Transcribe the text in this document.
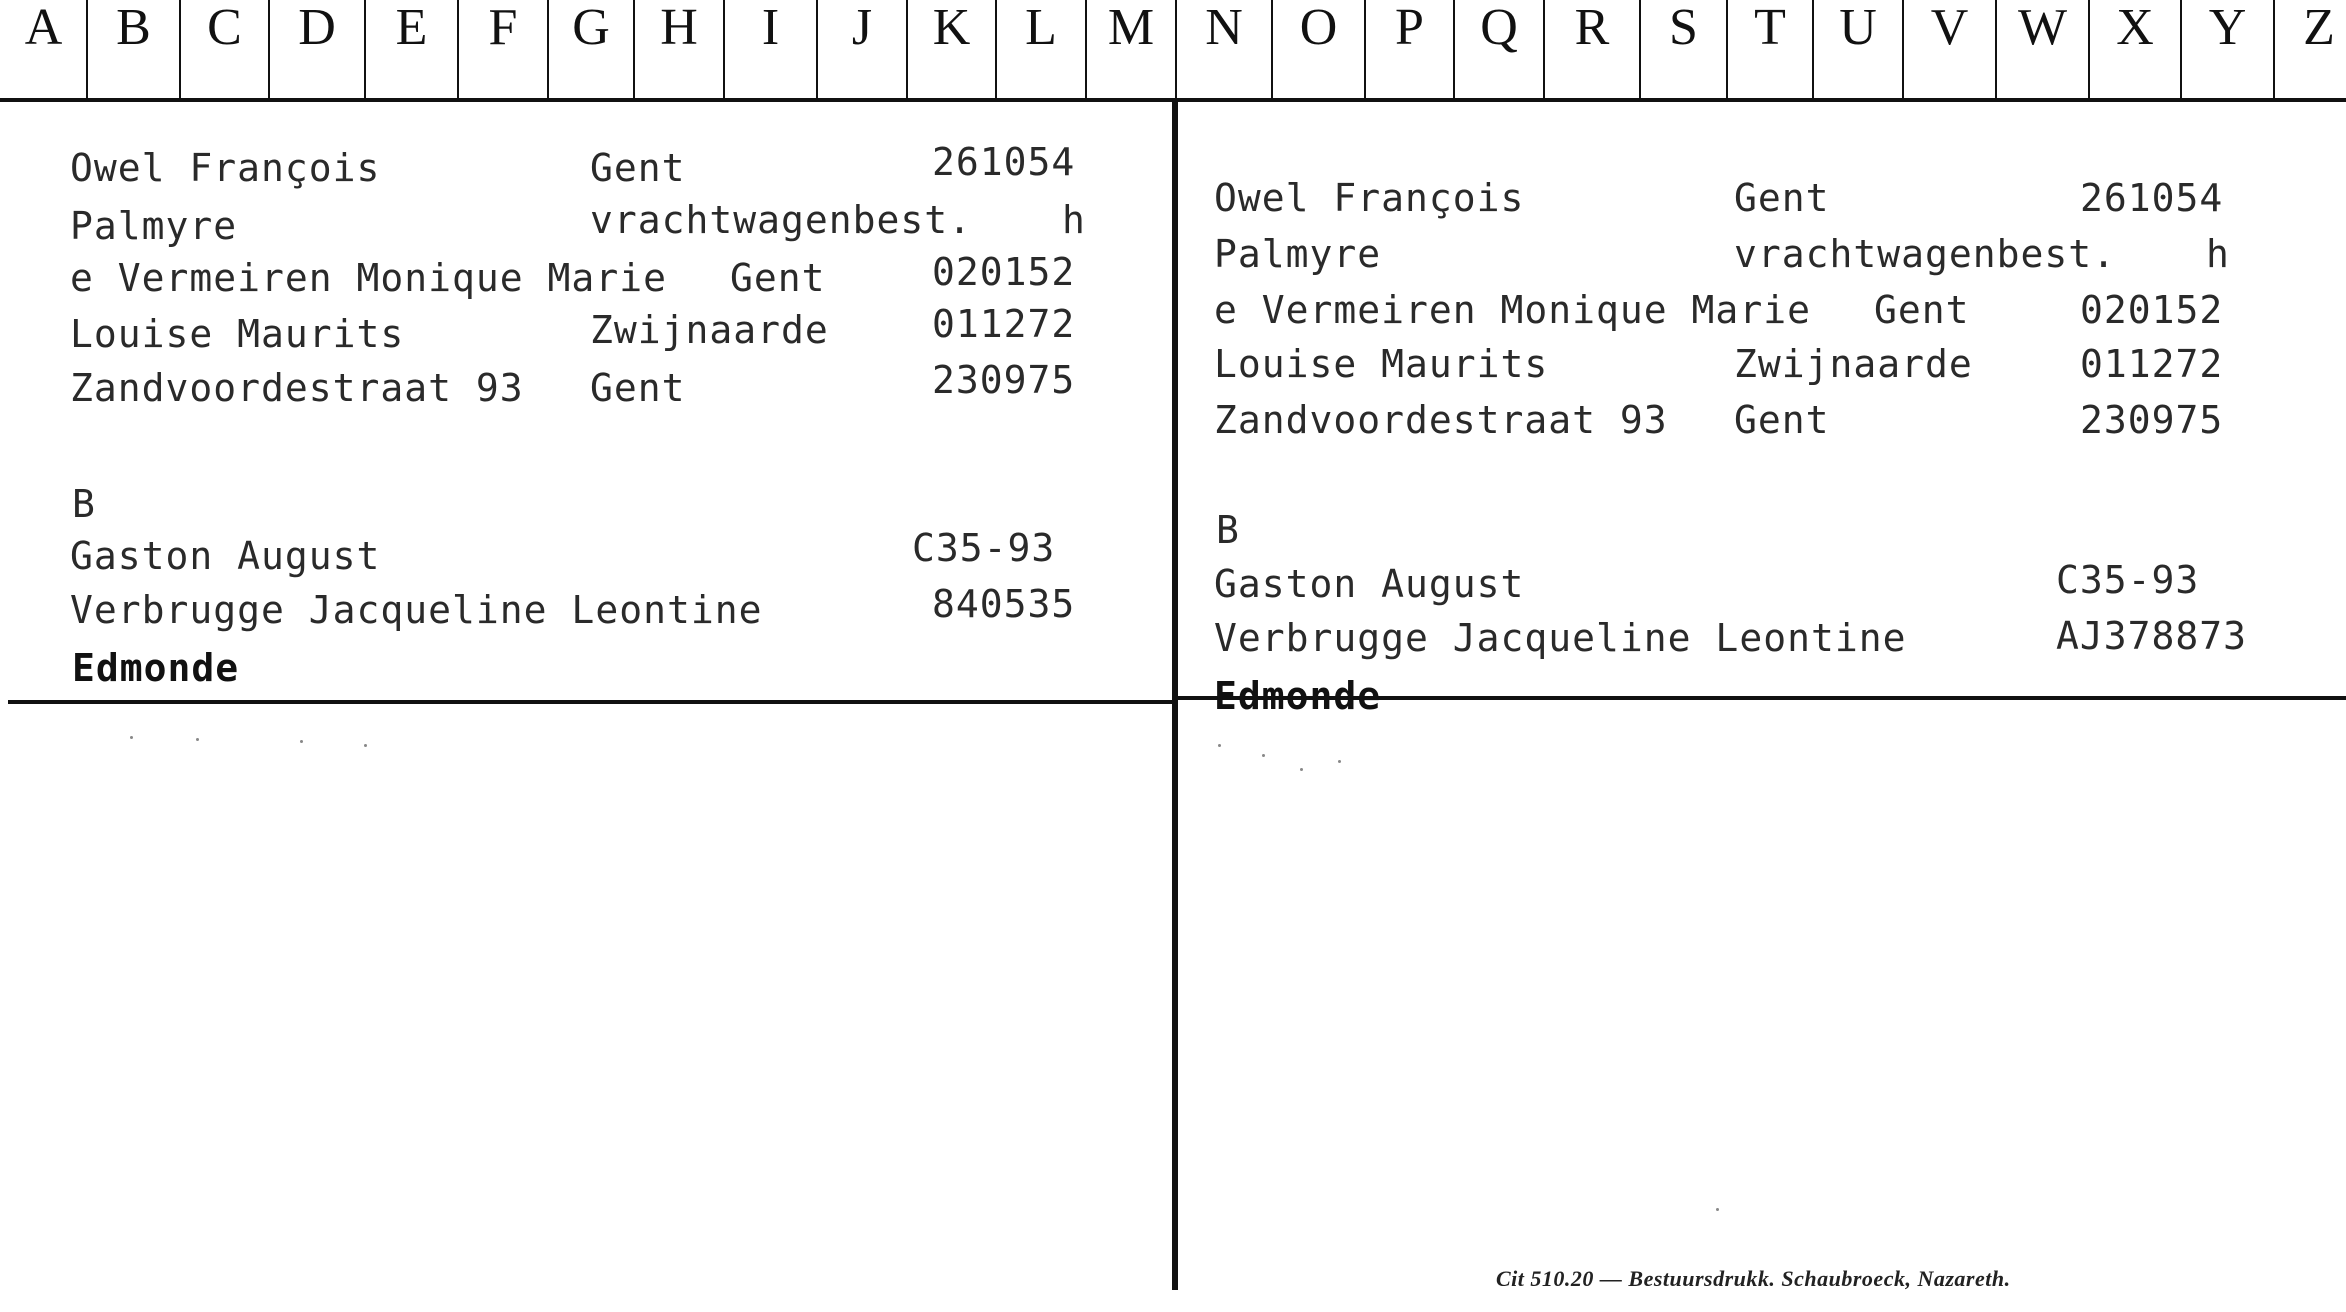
A	B	C	D	E	F	G H	I	J	K	L M N	O	P	Q	R	S	T	U	V W X	Y	Z
Owel François	Gent	261054
Palmyre	vrachtwagenbest. h
e Vermeiren Monique Marie Gent	020152
Louise Maurits	Zwijnaarde	011272
Zandvoordestraat 93 Gent	230975
B
Gaston August	C35-93
Verbrugge Jacqueline Leontine	840535
Edmonde
Owel François	Gent	261054
Palmyre	vrachtwagenbest. h
e Vermeiren Monique Marie Gent	020152
Louise Maurits	Zwijnaarde	011272
Zandvoordestraat 93 Gent	230975
B
Gaston August	C35-93
Verbrugge Jacqueline Leontine	AJ378873
Edmonde
Cit 510.20 — Bestuursdrukk. Schaubroeck, Nazareth.
